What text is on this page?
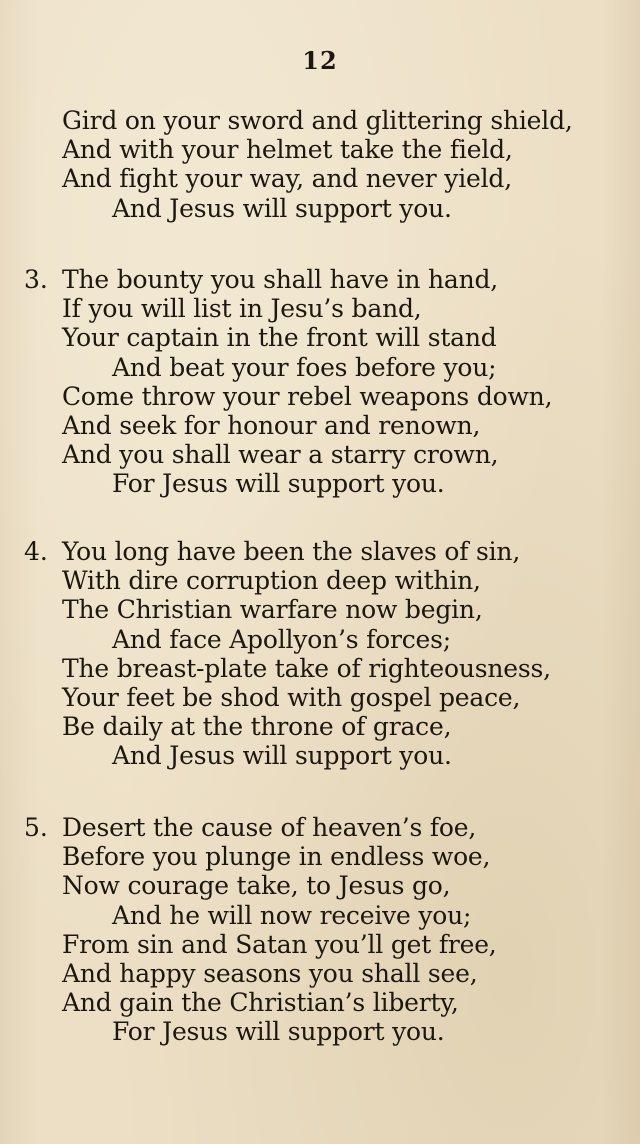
12
Gird on your sword and glittering shield,
And with your helmet take the field,
And fight your way, and never yield,
And Jesus will support you.
3. The bounty you shall have in hand,
If you will list in Jesu’s band,
Your captain in the front will stand
And beat your foes before you;
Come throw your rebel weapons down,
And seek for honour and renown,
And you shall wear a starry crown,
For Jesus will support you.
4. You long have been the slaves of sin,
With dire corruption deep within,
The Christian warfare now begin,
And face Apollyon’s forces;
The breast-plate take of righteousness,
Your feet be shod with gospel peace,
Be daily at the throne of grace,
And Jesus will support you.
5. Desert the cause of heaven’s foe,
Before you plunge in endless woe,
Now courage take, to Jesus go,
And he will now receive you;
From sin and Satan you’ll get free,
And happy seasons you shall see,
And gain the Christian’s liberty,
For Jesus will support you.
